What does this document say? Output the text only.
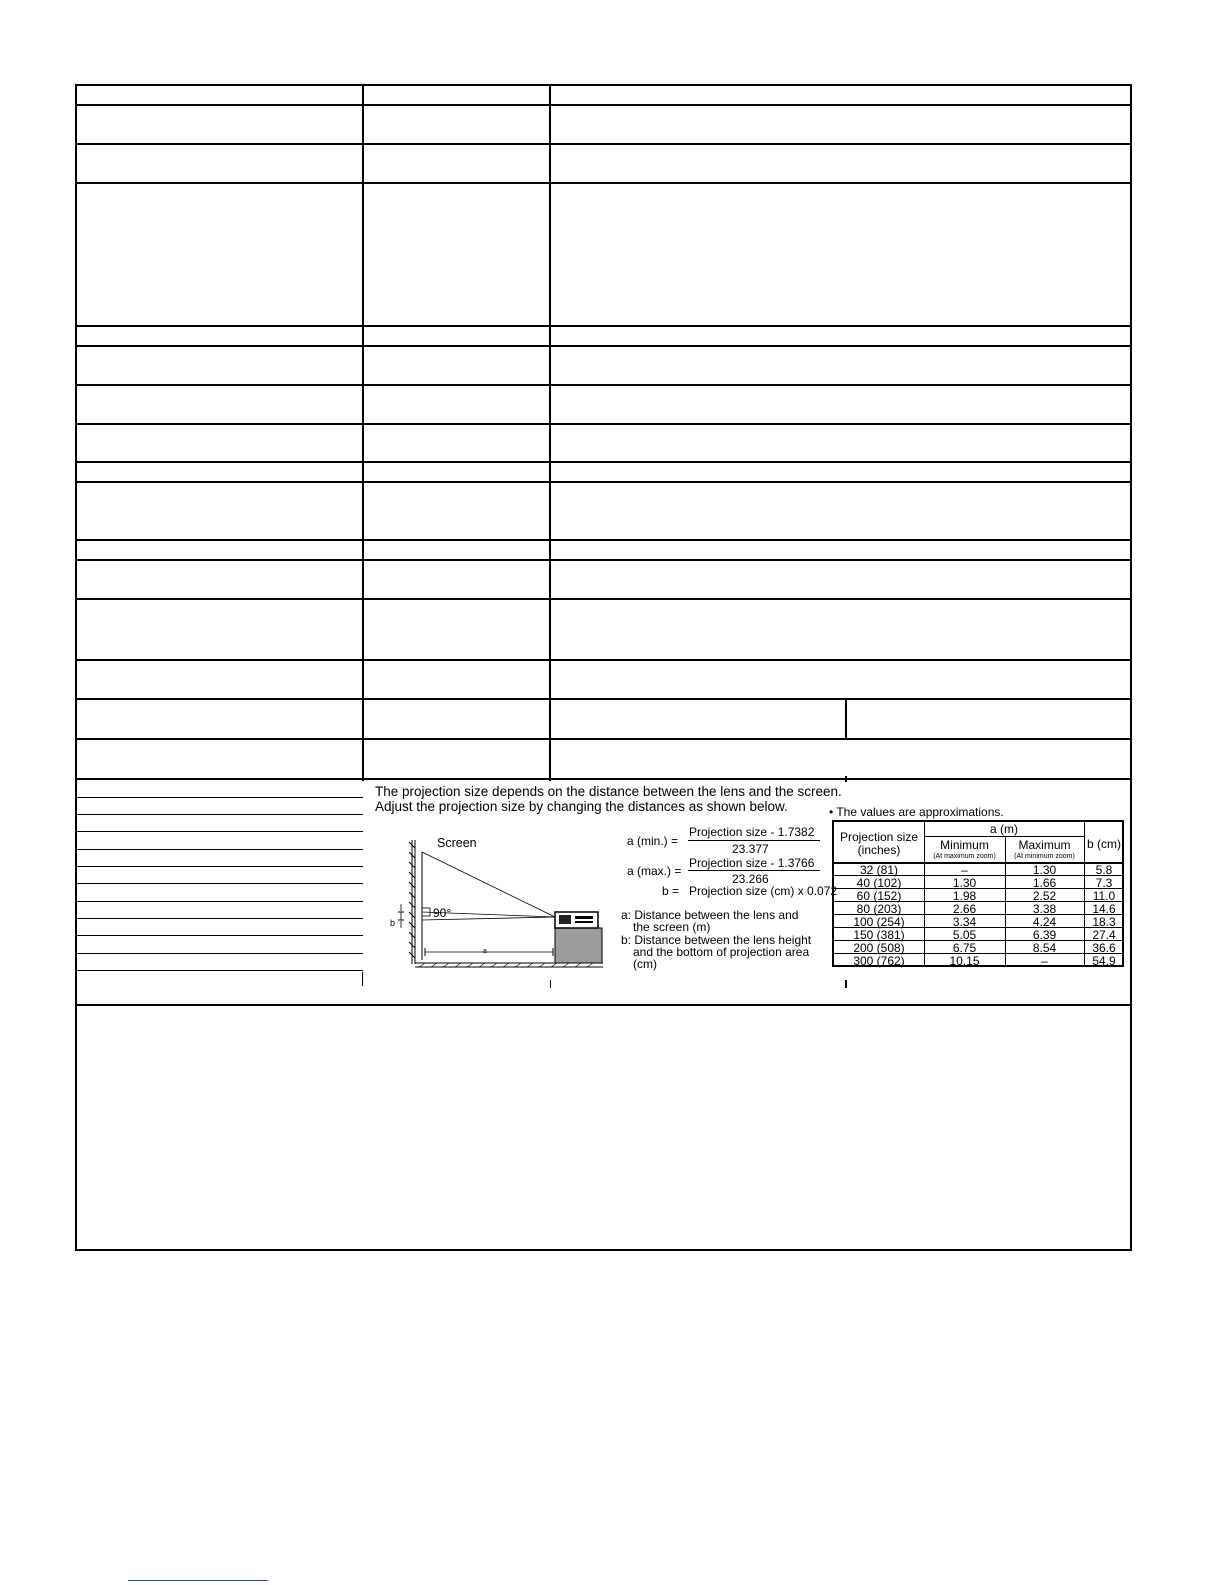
The projection size depends on the distance between the lens and the screen.
Adjust the projection size by changing the distances as shown below.
Screen
90°
b
a
a (min.) =
Projection size - 1.7382
23.377
a (max.) =
Projection size - 1.3766
23.266
b = Projection size (cm) x 0.072
a: Distance between the lens and
the screen (m)
b: Distance between the lens height
and the bottom of projection area
(cm)
• The values are approximations.
Projection size
(inches)
a (m)
Minimum
(At maximum zoom)
Maximum
(At minimum zoom)
b (cm)
32 (81)	–	1.30	5.8
40 (102)	1.30	1.66	7.3
60 (152)	1.98	2.52	11.0
80 (203)	2.66	3.38	14.6
100 (254)	3.34	4.24	18.3
150 (381)	5.05	6.39	27.4
200 (508)	6.75	8.54	36.6
300 (762)	10.15	–	54.9
